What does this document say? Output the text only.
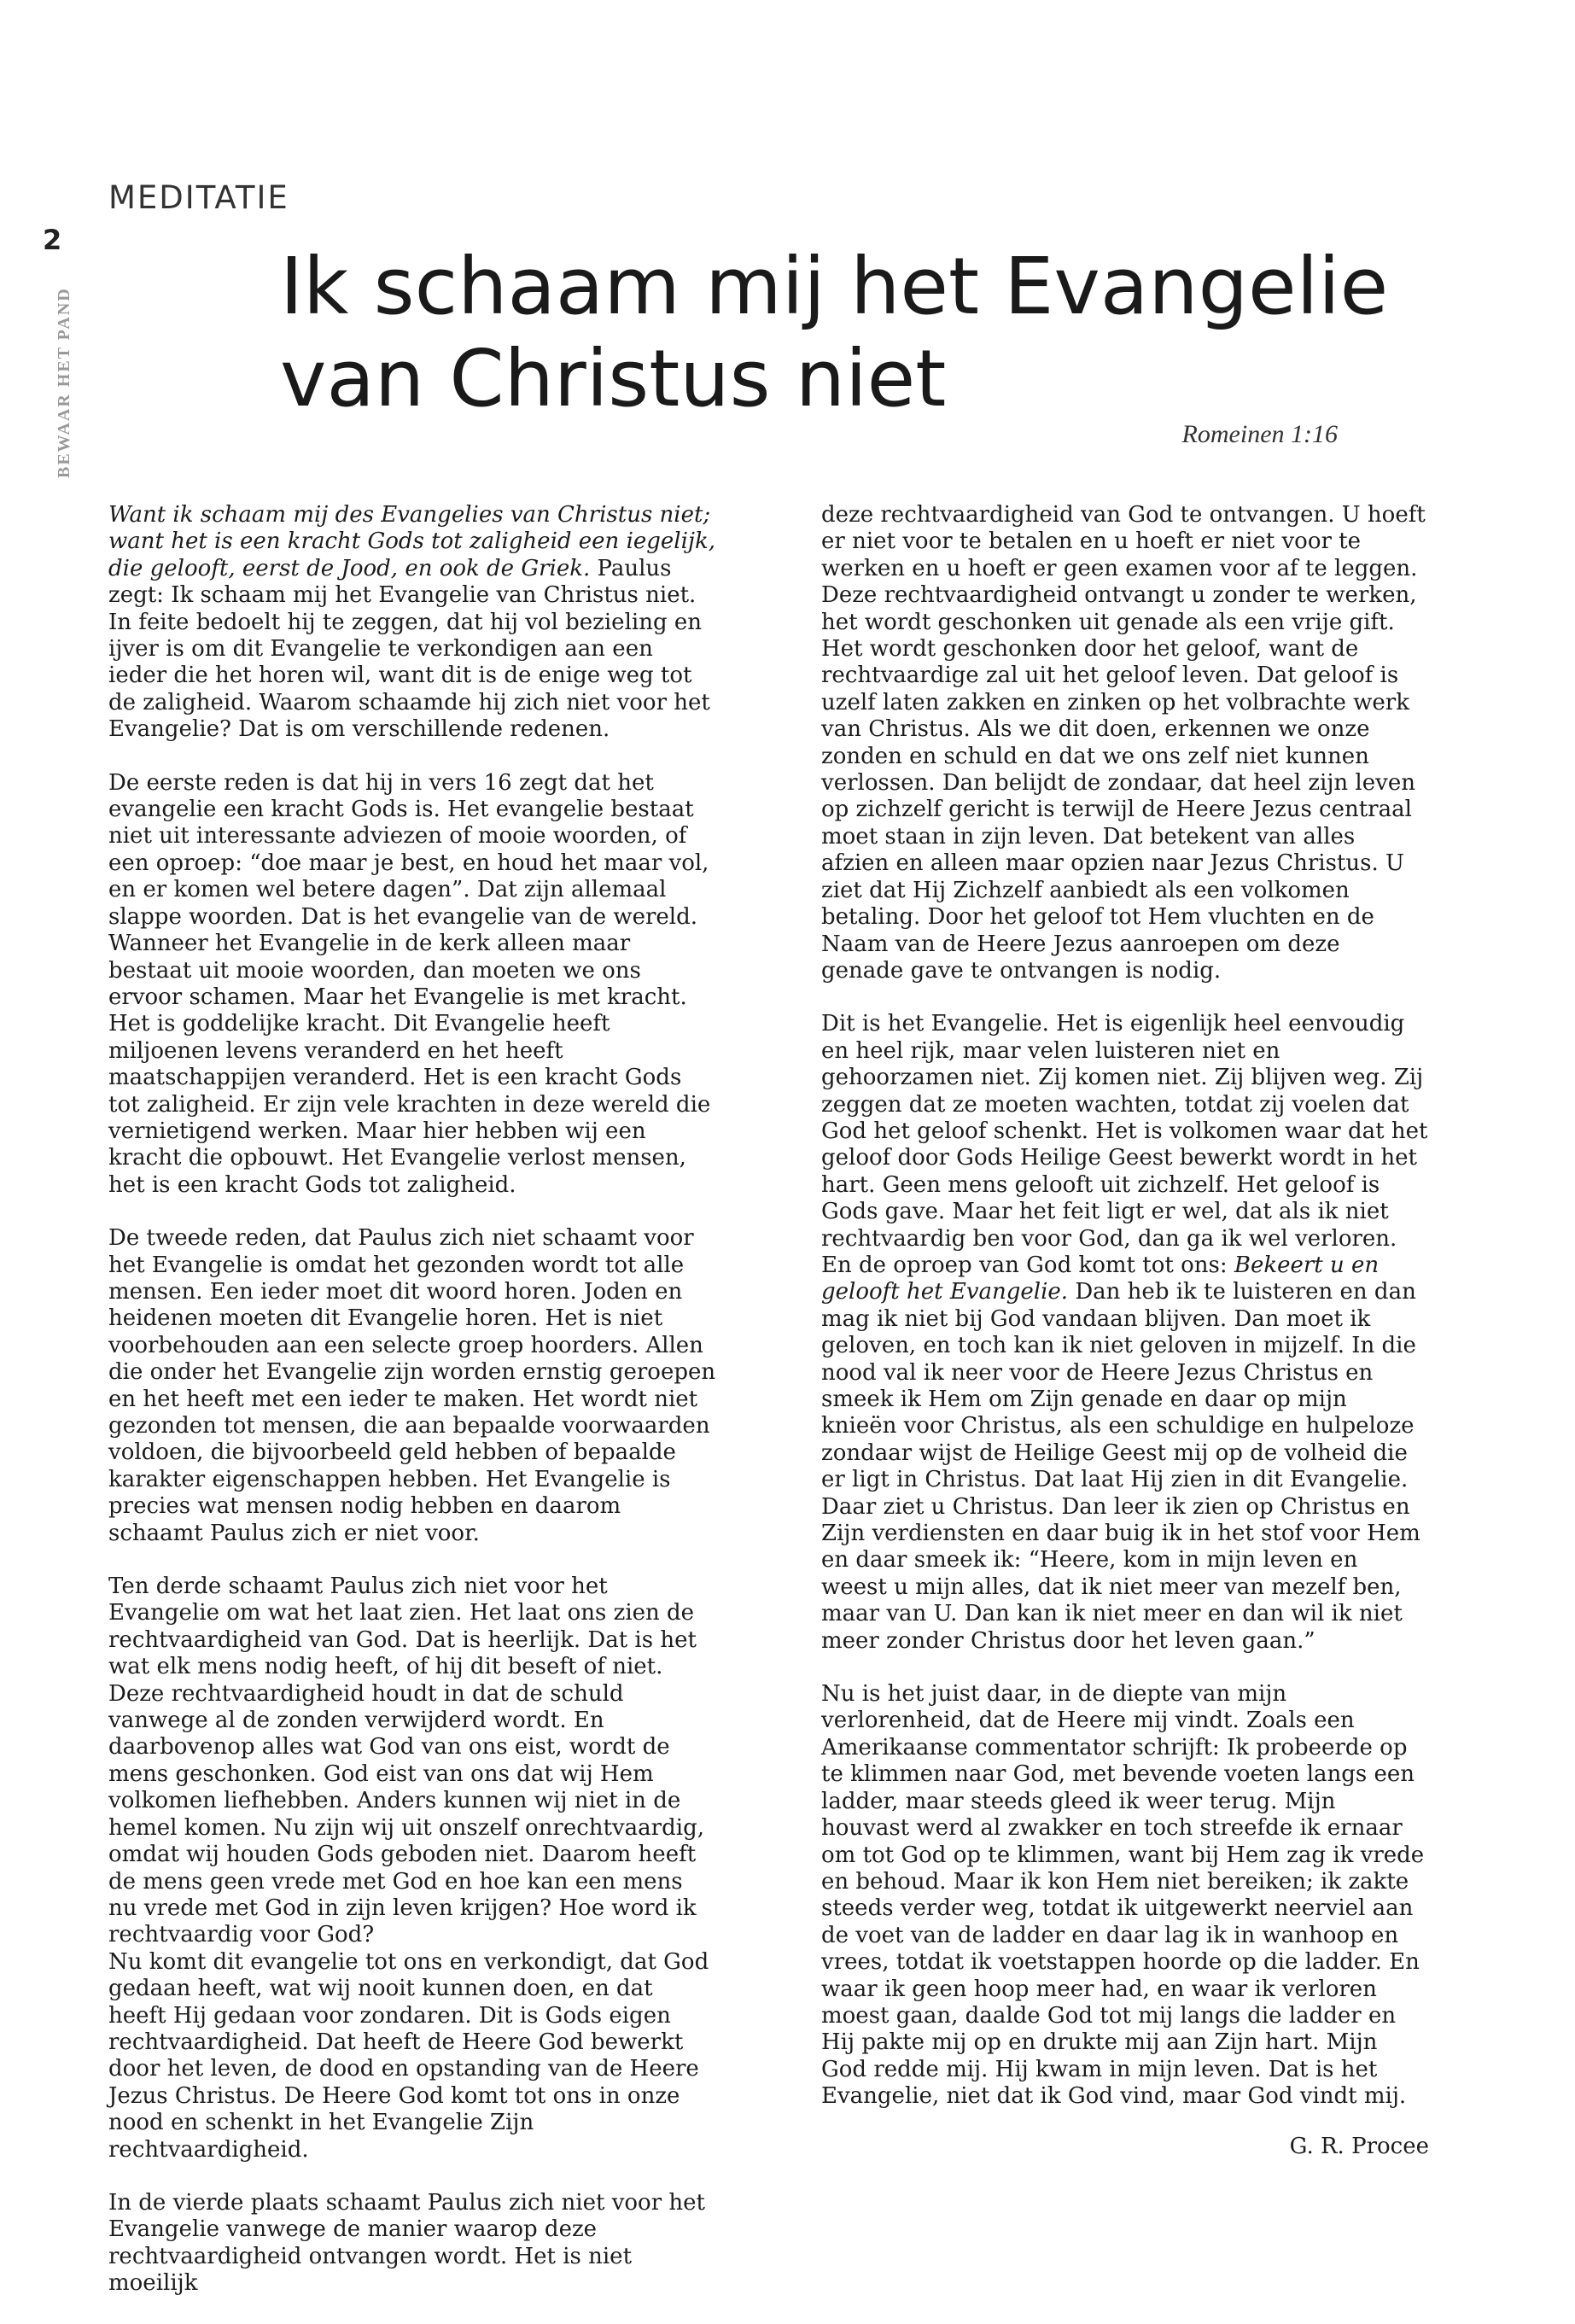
2
BEWAAR HET PAND
MEDITATIE
Ik schaam mij het Evangelie
van Christus niet
Romeinen 1:16

Want ik schaam mij des Evangelies van Christus niet; want het is een kracht Gods tot zaligheid een iegelijk, die gelooft, eerst de Jood, en ook de Griek. Paulus zegt: Ik schaam mij het Evangelie van Christus niet. In feite bedoelt hij te zeggen, dat hij vol bezieling en ijver is om dit Evangelie te verkondigen aan een ieder die het horen wil, want dit is de enige weg tot de zaligheid. Waarom schaamde hij zich niet voor het Evangelie? Dat is om verschillende redenen.

De eerste reden is dat hij in vers 16 zegt dat het evangelie een kracht Gods is. Het evangelie bestaat niet uit interessante adviezen of mooie woorden, of een oproep: “doe maar je best, en houd het maar vol, en er komen wel betere dagen”. Dat zijn allemaal slappe woorden. Dat is het evangelie van de wereld. Wanneer het Evangelie in de kerk alleen maar bestaat uit mooie woorden, dan moeten we ons ervoor schamen. Maar het Evangelie is met kracht. Het is goddelijke kracht. Dit Evangelie heeft miljoenen levens veranderd en het heeft maatschappijen veranderd. Het is een kracht Gods tot zaligheid. Er zijn vele krachten in deze wereld die vernietigend werken. Maar hier hebben wij een kracht die opbouwt. Het Evangelie verlost mensen, het is een kracht Gods tot zaligheid.

De tweede reden, dat Paulus zich niet schaamt voor het Evangelie is omdat het gezonden wordt tot alle mensen. Een ieder moet dit woord horen. Joden en heidenen moeten dit Evangelie horen. Het is niet voorbehouden aan een selecte groep hoorders. Allen die onder het Evangelie zijn worden ernstig geroepen en het heeft met een ieder te maken. Het wordt niet gezonden tot mensen, die aan bepaalde voorwaarden voldoen, die bijvoorbeeld geld hebben of bepaalde karakter eigenschappen hebben. Het Evangelie is precies wat mensen nodig hebben en daarom schaamt Paulus zich er niet voor.

Ten derde schaamt Paulus zich niet voor het Evangelie om wat het laat zien. Het laat ons zien de rechtvaardigheid van God. Dat is heerlijk. Dat is het wat elk mens nodig heeft, of hij dit beseft of niet. Deze rechtvaardigheid houdt in dat de schuld vanwege al de zonden verwijderd wordt. En daarbovenop alles wat God van ons eist, wordt de mens geschonken. God eist van ons dat wij Hem volkomen liefhebben. Anders kunnen wij niet in de hemel komen. Nu zijn wij uit onszelf onrechtvaardig, omdat wij houden Gods geboden niet. Daarom heeft de mens geen vrede met God en hoe kan een mens nu vrede met God in zijn leven krijgen? Hoe word ik rechtvaardig voor God?

Nu komt dit evangelie tot ons en verkondigt, dat God gedaan heeft, wat wij nooit kunnen doen, en dat heeft Hij gedaan voor zondaren. Dit is Gods eigen rechtvaardigheid. Dat heeft de Heere God bewerkt door het leven, de dood en opstanding van de Heere Jezus Christus. De Heere God komt tot ons in onze nood en schenkt in het Evangelie Zijn rechtvaardigheid.

In de vierde plaats schaamt Paulus zich niet voor het Evangelie vanwege de manier waarop deze rechtvaardigheid ontvangen wordt. Het is niet moeilijk

deze rechtvaardigheid van God te ontvangen. U hoeft er niet voor te betalen en u hoeft er niet voor te werken en u hoeft er geen examen voor af te leggen. Deze rechtvaardigheid ontvangt u zonder te werken, het wordt geschonken uit genade als een vrije gift. Het wordt geschonken door het geloof, want de rechtvaardige zal uit het geloof leven. Dat geloof is uzelf laten zakken en zinken op het volbrachte werk van Christus. Als we dit doen, erkennen we onze zonden en schuld en dat we ons zelf niet kunnen verlossen. Dan belijdt de zondaar, dat heel zijn leven op zichzelf gericht is terwijl de Heere Jezus centraal moet staan in zijn leven. Dat betekent van alles afzien en alleen maar opzien naar Jezus Christus. U ziet dat Hij Zichzelf aanbiedt als een volkomen betaling. Door het geloof tot Hem vluchten en de Naam van de Heere Jezus aanroepen om deze genade gave te ontvangen is nodig.

Dit is het Evangelie. Het is eigenlijk heel eenvoudig en heel rijk, maar velen luisteren niet en gehoorzamen niet. Zij komen niet. Zij blijven weg. Zij zeggen dat ze moeten wachten, totdat zij voelen dat God het geloof schenkt. Het is volkomen waar dat het geloof door Gods Heilige Geest bewerkt wordt in het hart. Geen mens gelooft uit zichzelf. Het geloof is Gods gave. Maar het feit ligt er wel, dat als ik niet rechtvaardig ben voor God, dan ga ik wel verloren. En de oproep van God komt tot ons: Bekeert u en gelooft het Evangelie. Dan heb ik te luisteren en dan mag ik niet bij God vandaan blijven. Dan moet ik geloven, en toch kan ik niet geloven in mijzelf. In die nood val ik neer voor de Heere Jezus Christus en smeek ik Hem om Zijn genade en daar op mijn knieën voor Christus, als een schuldige en hulpeloze zondaar wijst de Heilige Geest mij op de volheid die er ligt in Christus. Dat laat Hij zien in dit Evangelie. Daar ziet u Christus. Dan leer ik zien op Christus en Zijn verdiensten en daar buig ik in het stof voor Hem en daar smeek ik: “Heere, kom in mijn leven en weest u mijn alles, dat ik niet meer van mezelf ben, maar van U. Dan kan ik niet meer en dan wil ik niet meer zonder Christus door het leven gaan.”

Nu is het juist daar, in de diepte van mijn verlorenheid, dat de Heere mij vindt. Zoals een Amerikaanse commentator schrijft: Ik probeerde op te klimmen naar God, met bevende voeten langs een ladder, maar steeds gleed ik weer terug. Mijn houvast werd al zwakker en toch streefde ik ernaar om tot God op te klimmen, want bij Hem zag ik vrede en behoud. Maar ik kon Hem niet bereiken; ik zakte steeds verder weg, totdat ik uitgewerkt neerviel aan de voet van de ladder en daar lag ik in wanhoop en vrees, totdat ik voetstappen hoorde op die ladder. En waar ik geen hoop meer had, en waar ik verloren moest gaan, daalde God tot mij langs die ladder en Hij pakte mij op en drukte mij aan Zijn hart. Mijn God redde mij. Hij kwam in mijn leven. Dat is het Evangelie, niet dat ik God vind, maar God vindt mij.

G. R. Procee
